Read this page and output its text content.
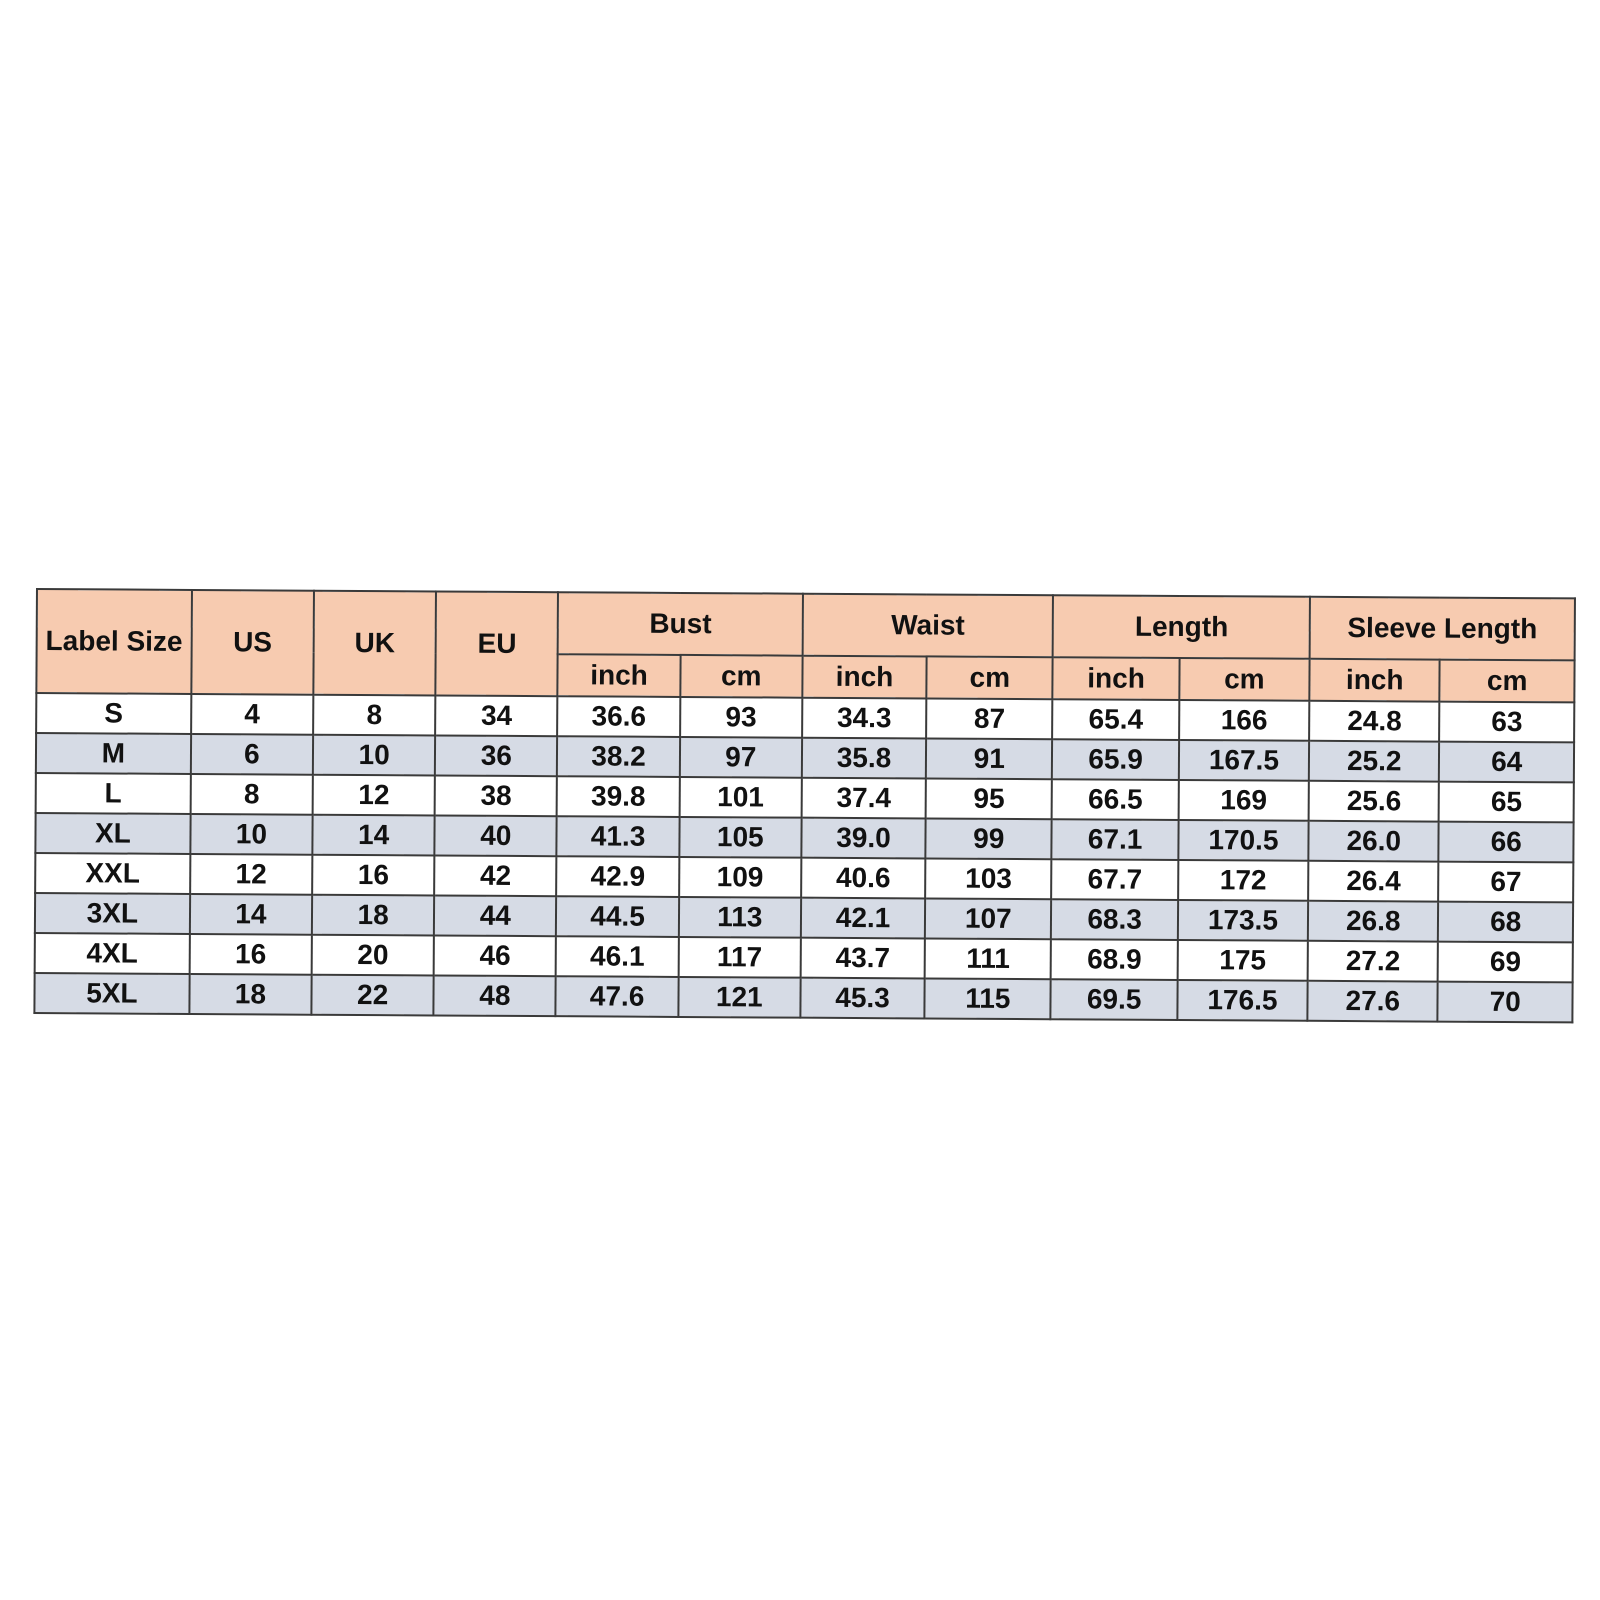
Label Size	US	UK	EU	Bust		Waist		Length		Sleeve Length	
				inch	cm	inch	cm	inch	cm	inch	cm
S	4	8	34	36.6	93	34.3	87	65.4	166	24.8	63
M	6	10	36	38.2	97	35.8	91	65.9	167.5	25.2	64
L	8	12	38	39.8	101	37.4	95	66.5	169	25.6	65
XL	10	14	40	41.3	105	39.0	99	67.1	170.5	26.0	66
XXL	12	16	42	42.9	109	40.6	103	67.7	172	26.4	67
3XL	14	18	44	44.5	113	42.1	107	68.3	173.5	26.8	68
4XL	16	20	46	46.1	117	43.7	111	68.9	175	27.2	69
5XL	18	22	48	47.6	121	45.3	115	69.5	176.5	27.6	70
